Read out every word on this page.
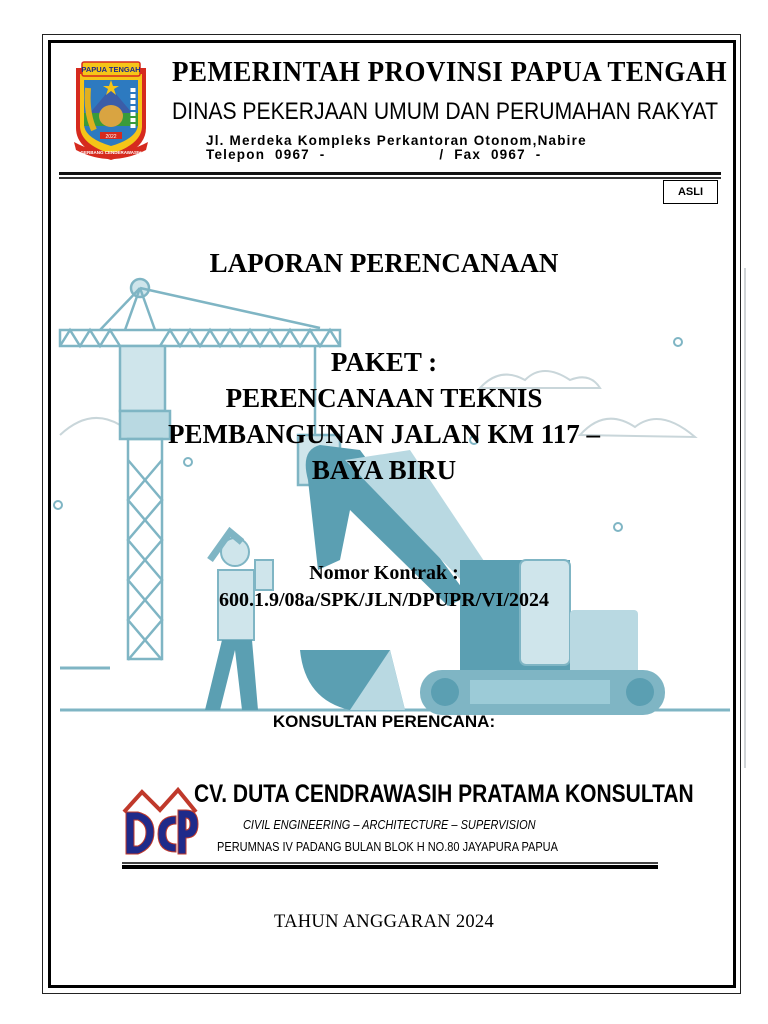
PAPUA TENGAH
2022
GERBANG CENDERAWASIH
PEMERINTAH PROVINSI PAPUA TENGAH
DINAS PEKERJAAN UMUM DAN PERUMAHAN RAKYAT
Jl. Merdeka Kompleks Perkantoran Otonom,Nabire
Telepon  0967  -                       /  Fax  0967  -
ASLI
LAPORAN PERENCANAAN
PAKET :
PERENCANAAN TEKNIS
PEMBANGUNAN JALAN KM 117 –
BAYA BIRU
Nomor Kontrak :
600.1.9/08a/SPK/JLN/DPUPR/VI/2024
KONSULTAN PERENCANA:
CV. DUTA CENDRAWASIH PRATAMA KONSULTAN
CIVIL ENGINEERING – ARCHITECTURE – SUPERVISION
PERUMNAS IV PADANG BULAN BLOK H NO.80 JAYAPURA PAPUA
TAHUN ANGGARAN 2024
